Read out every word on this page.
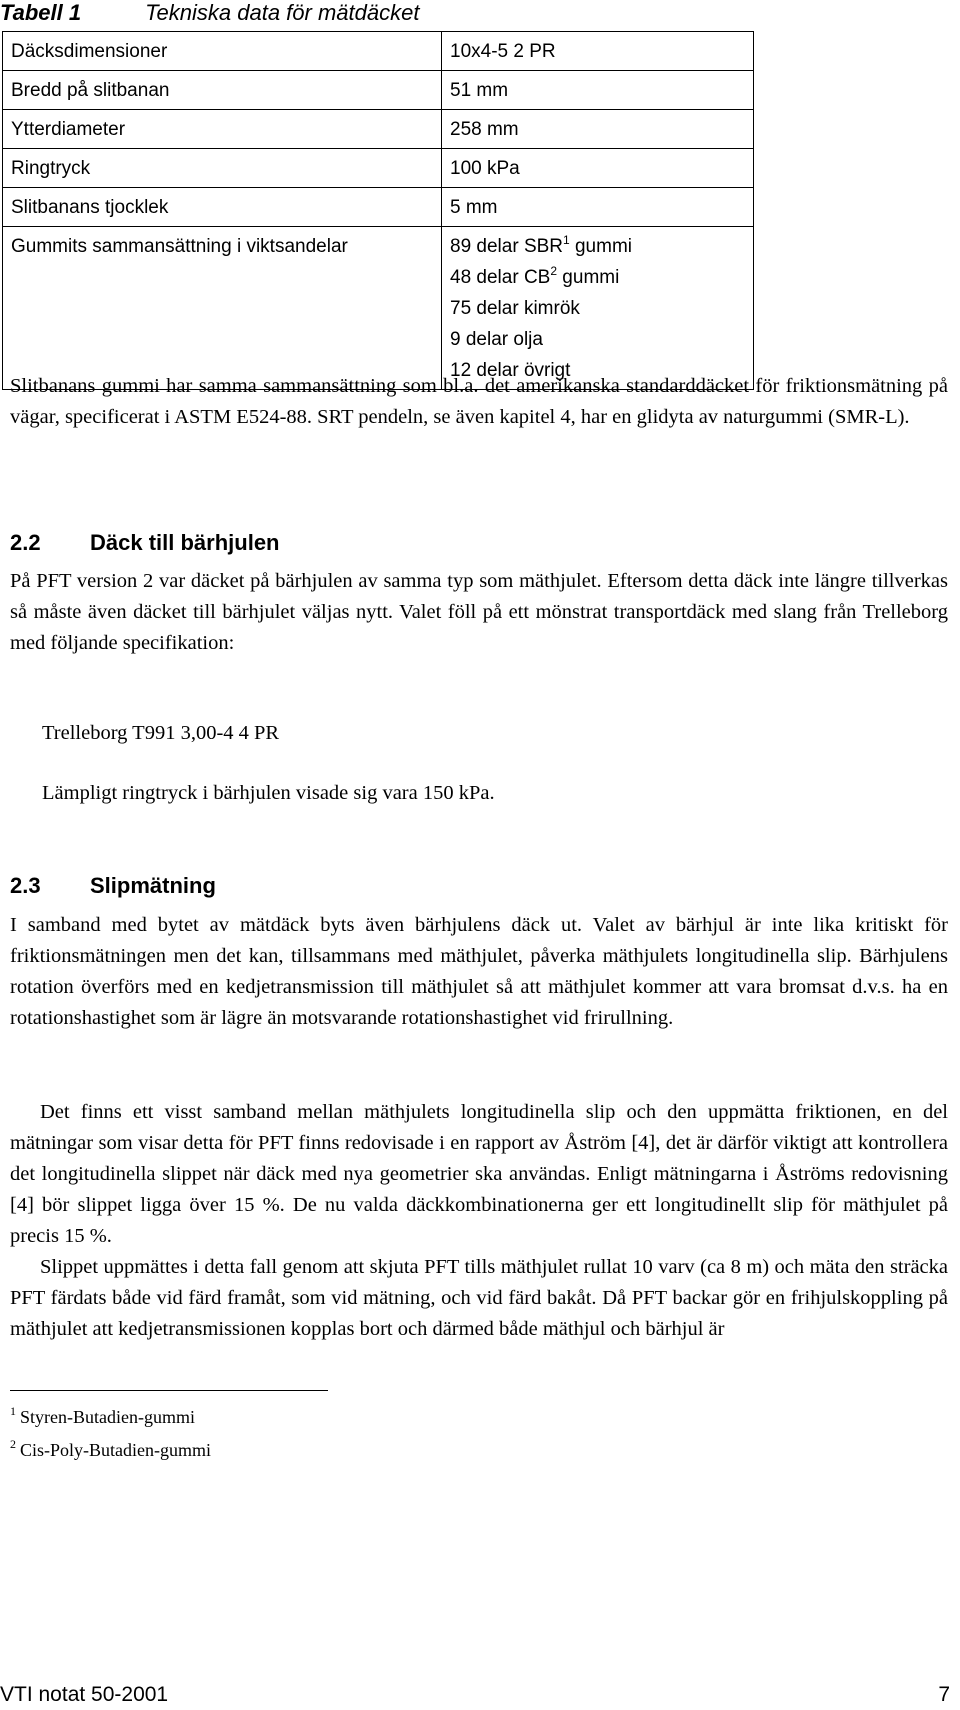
Tabell 1	Tekniska data för mätdäcket
Däcksdimensioner	10x4-5 2 PR
Bredd på slitbanan	51 mm
Ytterdiameter	258 mm
Ringtryck	100 kPa
Slitbanans tjocklek	5 mm
Gummits sammansättning i viktsandelar	89 delar SBR$^1$ gummi
48 delar $CB^2$ gummi
75 delar kimrök
9 delar olja
12 delar övrigt

Slitbanans gummi har samma sammansättning som bl.a. det amerikanska standarddäcket för friktionsmätning på vägar, specificerat i ASTM E524-88. SRT pendeln, se även kapitel 4, har en glidyta av naturgummi (SMR-L).

2.2 Däck till bärhjulen

På PFT version 2 var däcket på bärhjulen av samma typ som mäthjulet. Eftersom detta däck inte längre tillverkas så måste även däcket till bärhjulet väljas nytt. Valet föll på ett mönstrat transportdäck med slang från Trelleborg med följande specifikation:

Trelleborg T991 3,00-4 4 PR
Lämpligt ringtryck i bärhjulen visade sig vara 150 kPa.
2.3 Slipmätning

I samband med bytet av mätdäck byts även bärhjulens däck ut. Valet av bärhjul är inte lika kritiskt för friktionsmätningen men det kan, tillsammans med mäthjulet, påverka mäthjulets longitudinella slip. Bärhjulens rotation överförs med en kedjetransmission till mäthjulet så att mäthjulet kommer att vara bromsat d.v.s. ha en rotationshastighet som är lägre än motsvarande rotationshastighet vid frirullning.

Det finns ett visst samband mellan mäthjulets longitudinella slip och den uppmätta friktionen, en del mätningar som visar detta för PFT finns redovisade i en rapport av Åström [4], det är därför viktigt att kontrollera det longitudinella slippet när däck med nya geometrier ska användas. Enligt mätningarna i Åströms redovisning [4] bör slippet ligga över 15 %. De nu valda däckkombinationerna ger ett longitudinellt slip för mäthjulet på precis 15 %.

Slippet uppmättes i detta fall genom att skjuta PFT tills mäthjulet rullat 10 varv (ca 8 m) och mäta den sträcka PFT färdats både vid färd framåt, som vid mätning, och vid färd bakåt. Då PFT backar gör en frihjulskoppling på mäthjulet att kedjetransmissionen kopplas bort och därmed både mäthjul och bärhjul är

$^1$ Styren-Butadien-gummi
$^2$ Cis-Poly-Butadien-gummi
VTI notat 50-2001	7
